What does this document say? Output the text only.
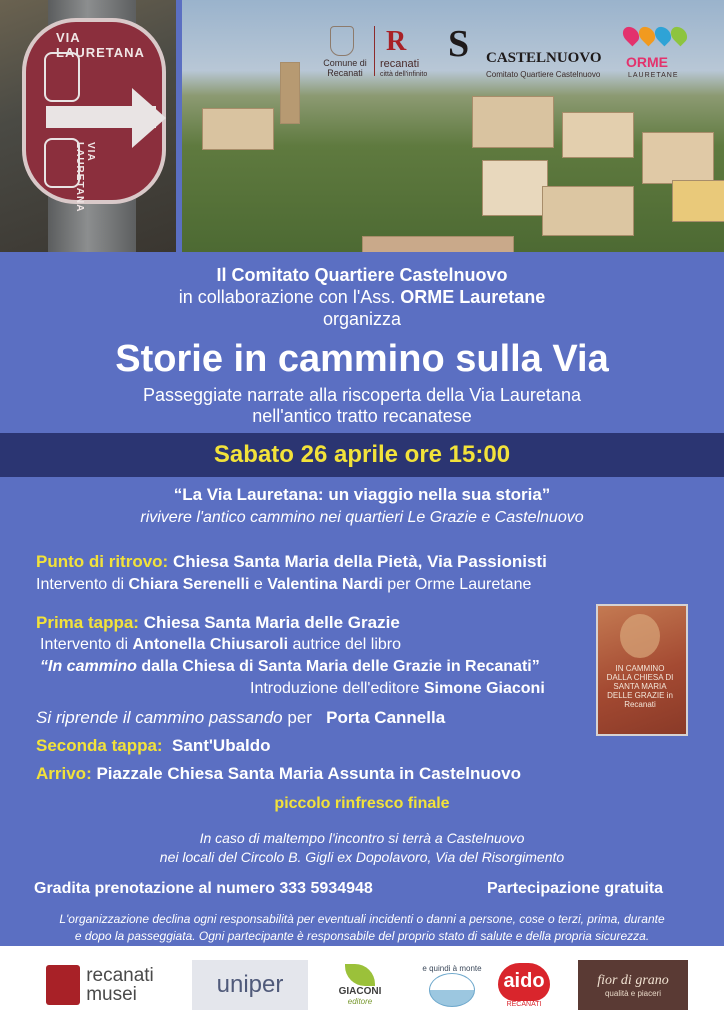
VIA LAURETANA
VIA LAURETANA
Comune di Recanati
R
recanati
città dell'infinito
S CASTELNUOVO
Comitato Quartiere Castelnuovo
ORME
LAURETANE
Il Comitato Quartiere Castelnuovo
in collaborazione con l'Ass. ORME Lauretane
organizza
Storie in cammino sulla Via
Passeggiate narrate alla riscoperta della Via Lauretana
nell'antico tratto recanatese
Sabato 26 aprile ore 15:00
“La Via Lauretana: un viaggio nella sua storia”
rivivere l'antico cammino nei quartieri Le Grazie e Castelnuovo
Punto di ritrovo: Chiesa Santa Maria della Pietà, Via Passionisti
Intervento di Chiara Serenelli e Valentina Nardi per Orme Lauretane
Prima tappa: Chiesa Santa Maria delle Grazie
Intervento di Antonella Chiusaroli autrice del libro
“In cammino dalla Chiesa di Santa Maria delle Grazie in Recanati”
Introduzione dell'editore Simone Giaconi
Si riprende il cammino passando per Porta Cannella
Seconda tappa: Sant'Ubaldo
Arrivo: Piazzale Chiesa Santa Maria Assunta in Castelnuovo
IN CAMMINO DALLA CHIESA DI SANTA MARIA DELLE GRAZIE in Recanati
piccolo rinfresco finale
In caso di maltempo l'incontro si terrà a Castelnuovo
nei locali del Circolo B. Gigli ex Dopolavoro, Via del Risorgimento
Gradita prenotazione al numero 333 5934948	Partecipazione gratuita
L'organizzazione declina ogni responsabilità per eventuali incidenti o danni a persone, cose o terzi, prima, durante
e dopo la passeggiata. Ogni partecipante è responsabile del proprio stato di salute e della propria sicurezza.
recanati
musei	uniper	GIACONI
editore
e quindi à monte
aido
RECANATI
fior di grano
qualità e piaceri
